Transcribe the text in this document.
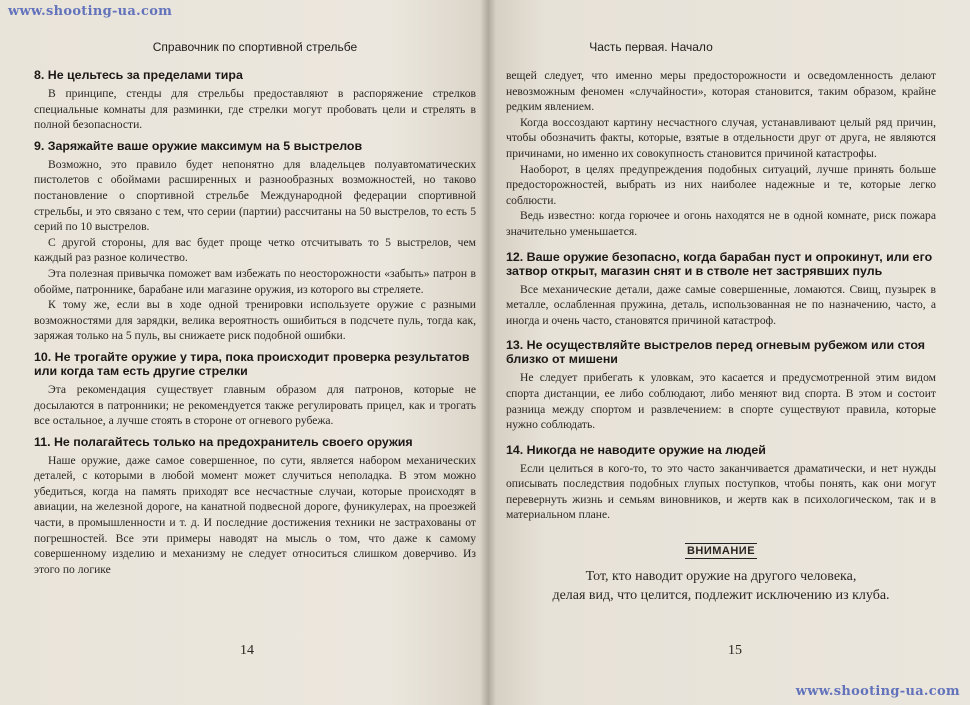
Справочник по спортивной стрельбе
8. Не цельтесь за пределами тира

В принципе, стенды для стрельбы предоставляют в распоряжение стрелков специальные комнаты для разминки, где стрелки могут пробовать цели и стрелять в полной безопасности.

9. Заряжайте ваше оружие максимум на 5 выстрелов

Возможно, это правило будет непонятно для владельцев полуавтоматических пистолетов с обоймами расширенных и разнообразных возможностей, но таково постановление о спортивной стрельбе Международной федерации спортивной стрельбы, и это связано с тем, что серии (партии) рассчитаны на 50 выстрелов, то есть 5 серий по 10 выстрелов.

С другой стороны, для вас будет проще четко отсчитывать то 5 выстрелов, чем каждый раз разное количество.

Эта полезная привычка поможет вам избежать по неосторожности «забыть» патрон в обойме, патроннике, барабане или магазине оружия, из которого вы стреляете.

К тому же, если вы в ходе одной тренировки используете оружие с разными возможностями для зарядки, велика вероятность ошибиться в подсчете пуль, тогда как, заряжая только на 5 пуль, вы снижаете риск подобной ошибки.

10. Не трогайте оружие у тира, пока происходит проверка результатов или когда там есть другие стрелки

Эта рекомендация существует главным образом для патронов, которые не досылаются в патронники; не рекомендуется также регулировать прицел, как и трогать все остальное, а лучше стоять в стороне от огневого рубежа.

11. Не полагайтесь только на предохранитель своего оружия

Наше оружие, даже самое совершенное, по сути, является набором механических деталей, с которыми в любой момент может случиться неполадка. В этом можно убедиться, когда на память приходят все несчастные случаи, которые происходят в авиации, на железной дороге, на канатной подвесной дороге, фуникулерах, на проезжей части, в промышленности и т. д. И последние достижения техники не застрахованы от погрешностей. Все эти примеры наводят на мысль о том, что даже к самому совершенному изделию и механизму не следует относиться слишком доверчиво. Из этого по логике

14
Часть первая. Начало

вещей следует, что именно меры предосторожности и осведомленность делают невозможным феномен «случайности», которая становится, таким образом, крайне редким явлением.

Когда воссоздают картину несчастного случая, устанавливают целый ряд причин, чтобы обозначить факты, которые, взятые в отдельности друг от друга, не являются причинами, но именно их совокупность становится причиной катастрофы.

Наоборот, в целях предупреждения подобных ситуаций, лучше принять больше предосторожностей, выбрать из них наиболее надежные и те, которые легко соблюсти.

Ведь известно: когда горючее и огонь находятся не в одной комнате, риск пожара значительно уменьшается.

12. Ваше оружие безопасно, когда барабан пуст и опрокинут, или его затвор открыт, магазин снят и в стволе нет застрявших пуль

Все механические детали, даже самые совершенные, ломаются. Свищ, пузырек в металле, ослабленная пружина, деталь, использованная не по назначению, часто, а иногда и очень часто, становятся причиной катастроф.

13. Не осуществляйте выстрелов перед огневым рубежом или стоя близко от мишени

Не следует прибегать к уловкам, это касается и предусмотренной этим видом спорта дистанции, ее либо соблюдают, либо меняют вид спорта. В этом и состоит разница между спортом и развлечением: в спорте существуют правила, которые нужно соблюдать.

14. Никогда не наводите оружие на людей

Если целиться в кого-то, то это часто заканчивается драматически, и нет нужды описывать последствия подобных глупых поступков, чтобы понять, как они могут перевернуть жизнь и семьям виновников, и жертв как в психологическом, так и в материальном плане.

ВНИМАНИЕ
Тот, кто наводит оружие на другого человека,
делая вид, что целится, подлежит исключению из клуба.
15
www.shooting-ua.com
www.shooting-ua.com
